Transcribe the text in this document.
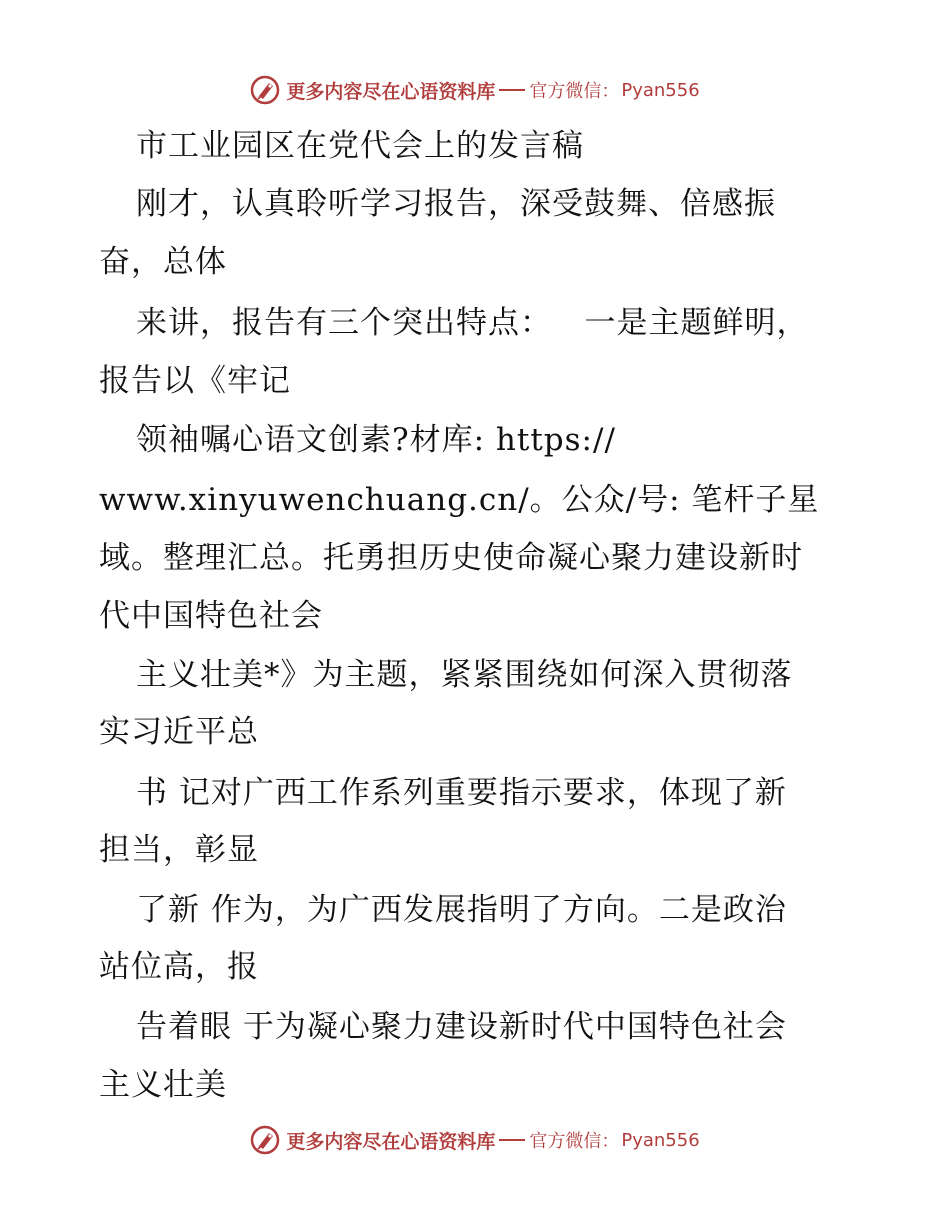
更多内容尽在心语资料库 官方微信： Pyan556
市工业园区在党代会上的发言稿
刚才，认真聆听学习报告，深受鼓舞、倍感振
奋，总体
来讲，报告有三个突出特点：   一是主题鲜明，
报告以《牢记
领袖嘱心语文创素?材库: https://
www.xinyuwenchuang.cn/。公众/号: 笔杆子星
域。整理汇总。托勇担历史使命凝心聚力建设新时
代中国特色社会
主义壮美*》为主题，紧紧围绕如何深入贯彻落
实习近平总
书 记对广西工作系列重要指示要求，体现了新
担当，彰显
了新 作为，为广西发展指明了方向。二是政治
站位高，报
告着眼 于为凝心聚力建设新时代中国特色社会
主义壮美
更多内容尽在心语资料库 官方微信： Pyan556
